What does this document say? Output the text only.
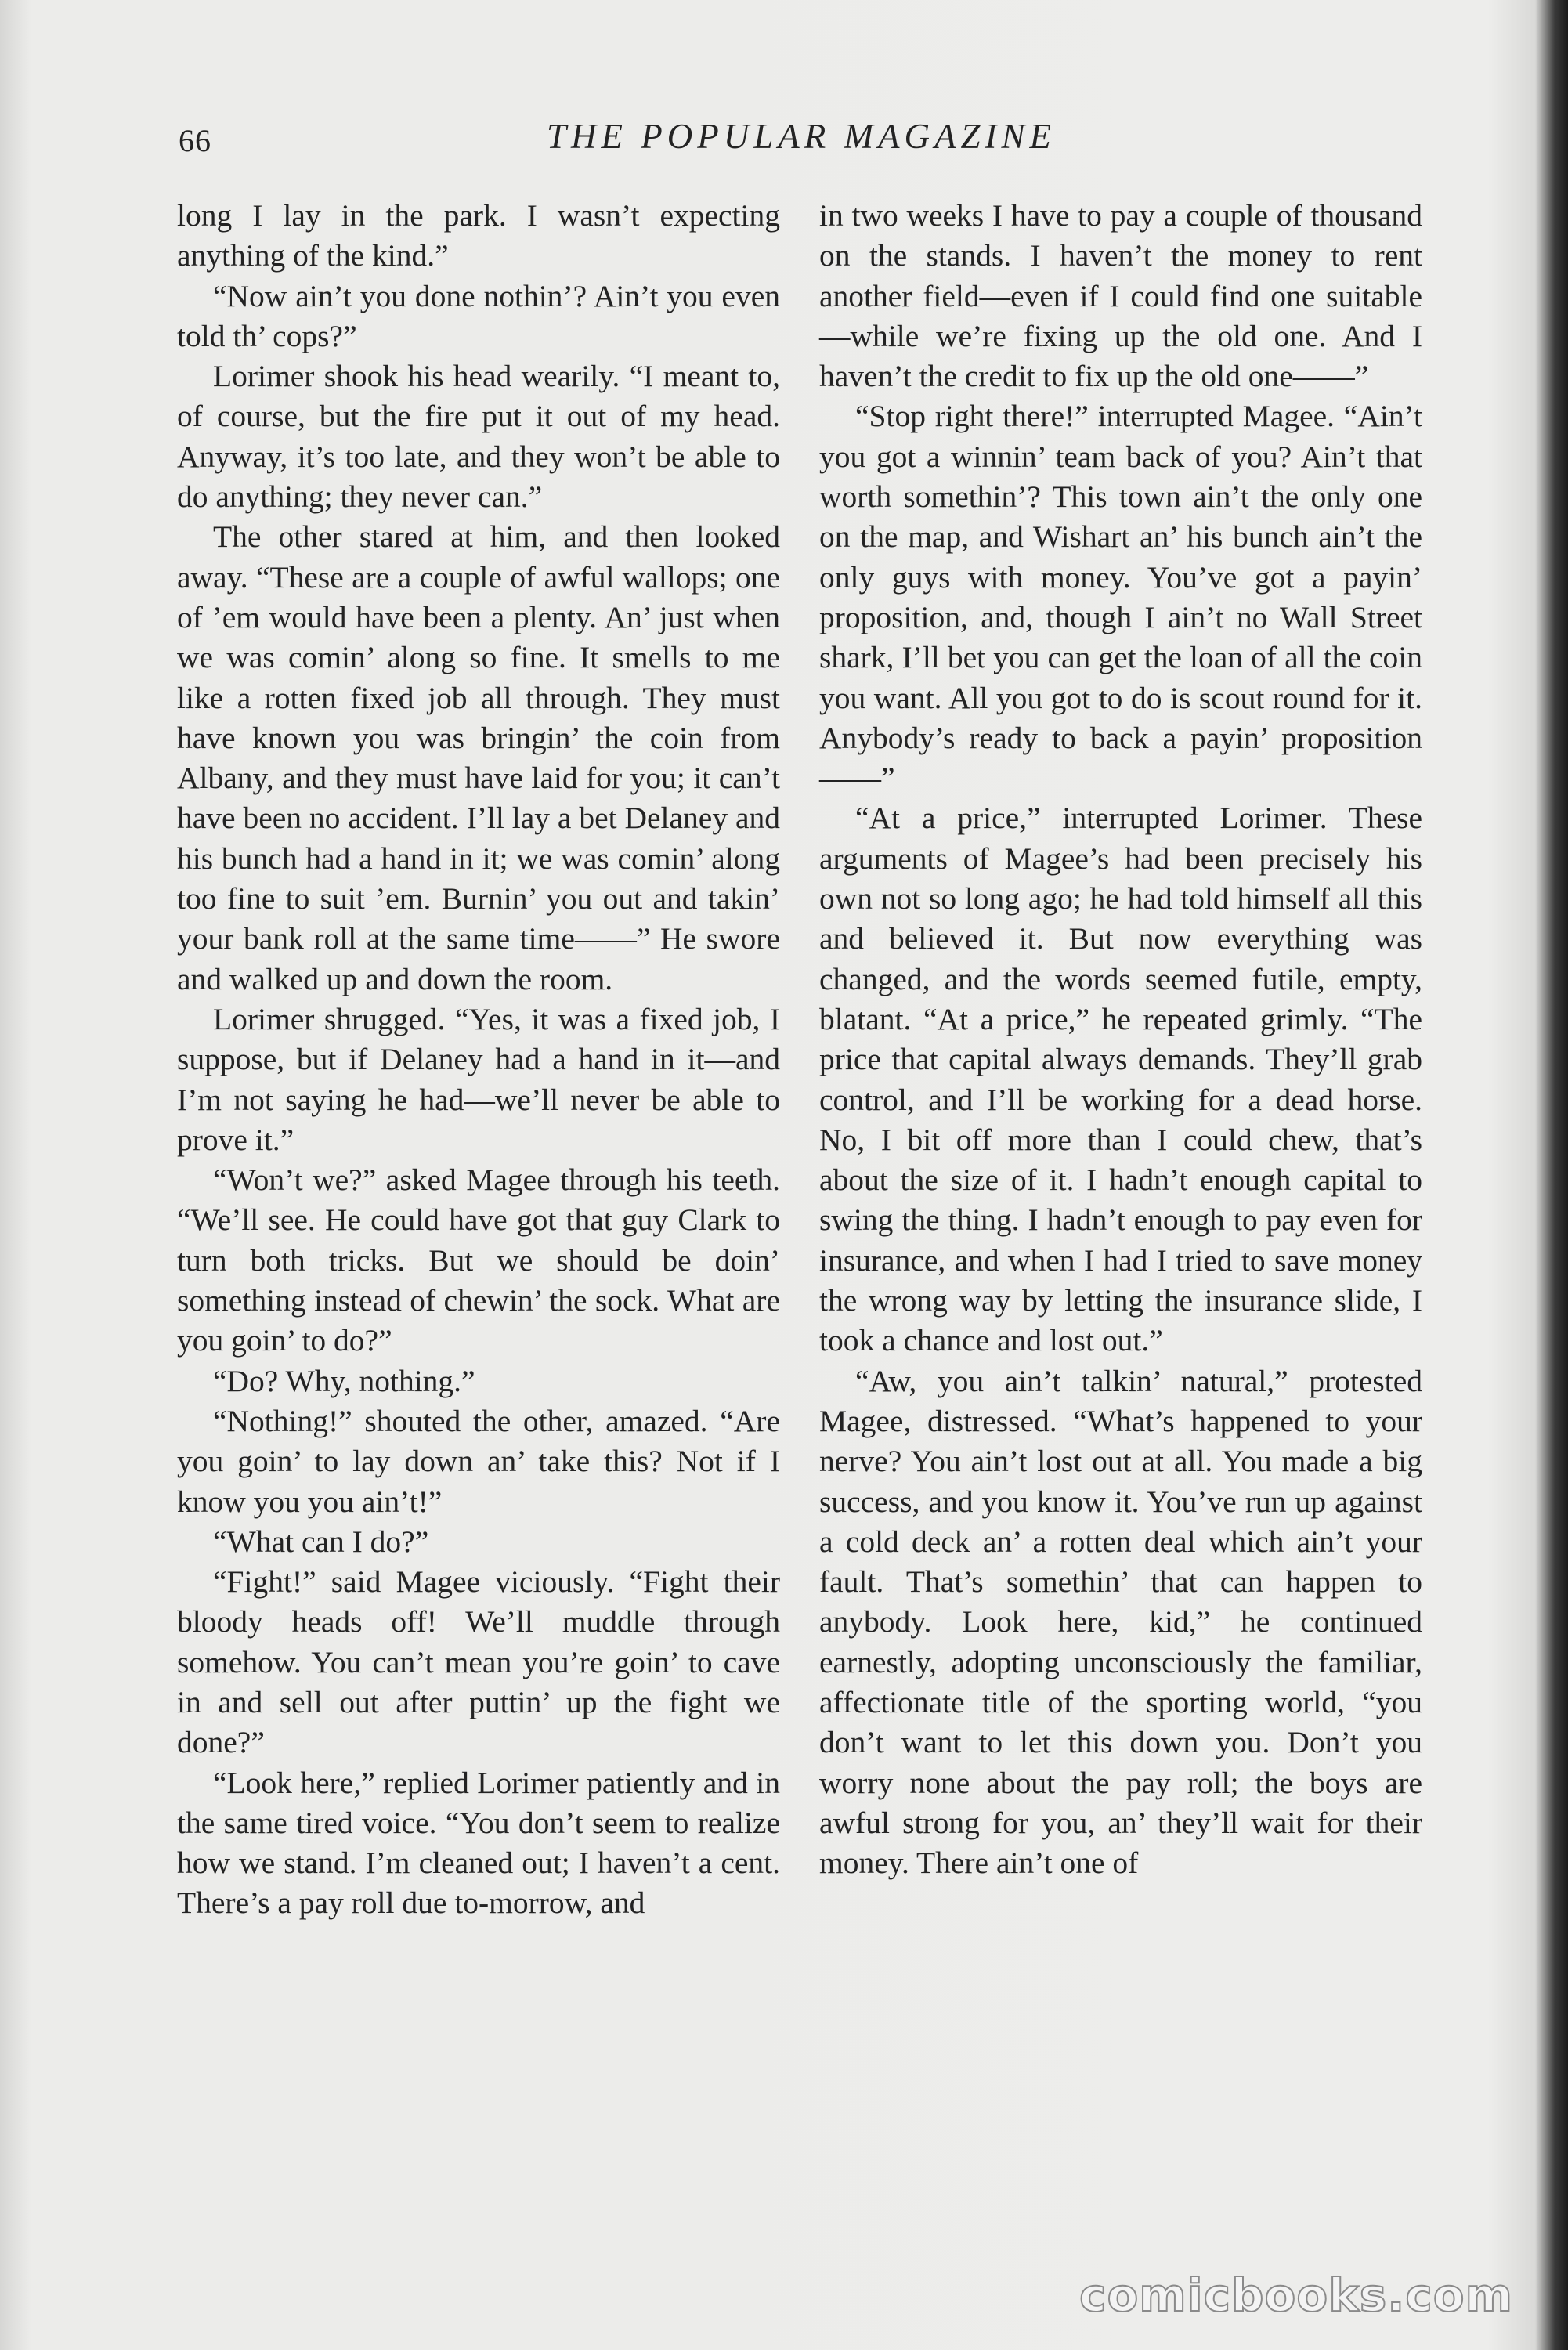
66	THE POPULAR MAGAZINE

long I lay in the park. I wasn’t expecting anything of the kind.”

“Now ain’t you done nothin’? Ain’t you even told th’ cops?”

Lorimer shook his head wearily. “I meant to, of course, but the fire put it out of my head. Anyway, it’s too late, and they won’t be able to do anything; they never can.”

The other stared at him, and then looked away. “These are a couple of awful wallops; one of ’em would have been a plenty. An’ just when we was comin’ along so fine. It smells to me like a rotten fixed job all through. They must have known you was bringin’ the coin from Albany, and they must have laid for you; it can’t have been no accident. I’ll lay a bet Delaney and his bunch had a hand in it; we was comin’ along too fine to suit ’em. Burnin’ you out and takin’ your bank roll at the same time——” He swore and walked up and down the room.

Lorimer shrugged. “Yes, it was a fixed job, I suppose, but if Delaney had a hand in it—and I’m not saying he had—we’ll never be able to prove it.”

“Won’t we?” asked Magee through his teeth. “We’ll see. He could have got that guy Clark to turn both tricks. But we should be doin’ something instead of chewin’ the sock. What are you goin’ to do?”

“Do? Why, nothing.”

“Nothing!” shouted the other, amazed. “Are you goin’ to lay down an’ take this? Not if I know you you ain’t!”

“What can I do?”

“Fight!” said Magee viciously. “Fight their bloody heads off! We’ll muddle through somehow. You can’t mean you’re goin’ to cave in and sell out after puttin’ up the fight we done?”

“Look here,” replied Lorimer patiently and in the same tired voice. “You don’t seem to realize how we stand. I’m cleaned out; I haven’t a cent. There’s a pay roll due to-morrow, and

in two weeks I have to pay a couple of thousand on the stands. I haven’t the money to rent another field—even if I could find one suitable—while we’re fixing up the old one. And I haven’t the credit to fix up the old one——”

“Stop right there!” interrupted Magee. “Ain’t you got a winnin’ team back of you? Ain’t that worth somethin’? This town ain’t the only one on the map, and Wishart an’ his bunch ain’t the only guys with money. You’ve got a payin’ proposition, and, though I ain’t no Wall Street shark, I’ll bet you can get the loan of all the coin you want. All you got to do is scout round for it. Anybody’s ready to back a payin’ proposition——”

“At a price,” interrupted Lorimer. These arguments of Magee’s had been precisely his own not so long ago; he had told himself all this and believed it. But now everything was changed, and the words seemed futile, empty, blatant. “At a price,” he repeated grimly. “The price that capital always demands. They’ll grab control, and I’ll be working for a dead horse. No, I bit off more than I could chew, that’s about the size of it. I hadn’t enough capital to swing the thing. I hadn’t enough to pay even for insurance, and when I had I tried to save money the wrong way by letting the insurance slide, I took a chance and lost out.”

“Aw, you ain’t talkin’ natural,” protested Magee, distressed. “What’s happened to your nerve? You ain’t lost out at all. You made a big success, and you know it. You’ve run up against a cold deck an’ a rotten deal which ain’t your fault. That’s somethin’ that can happen to anybody. Look here, kid,” he continued earnestly, adopting unconsciously the familiar, affectionate title of the sporting world, “you don’t want to let this down you. Don’t you worry none about the pay roll; the boys are awful strong for you, an’ they’ll wait for their money. There ain’t one of

comicbooks.com
